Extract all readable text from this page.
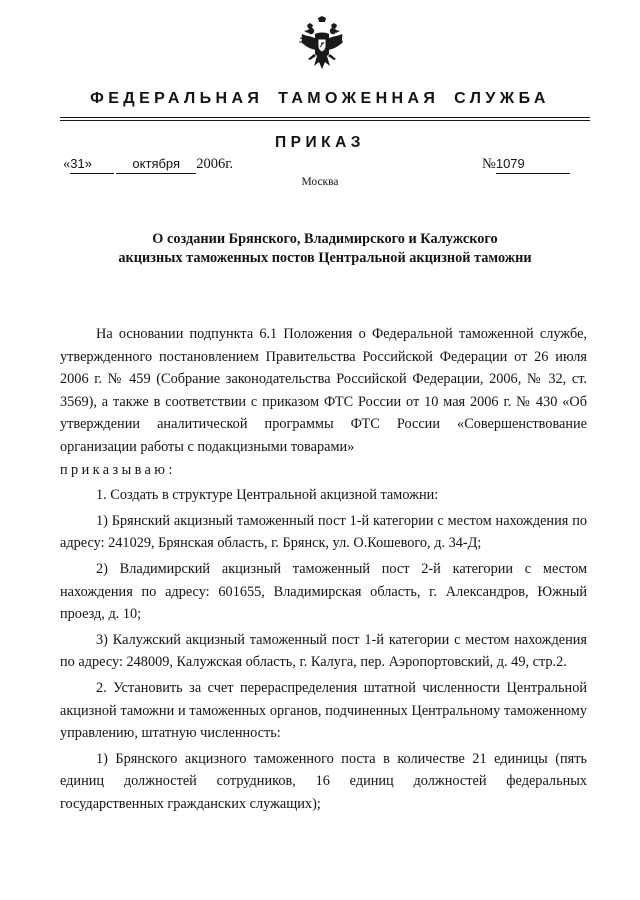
ФЕДЕРАЛЬНАЯ ТАМОЖЕННАЯ СЛУЖБА
ПРИКАЗ
«31»	октября 2006г.	№1079
Москва
О создании Брянского, Владимирского и Калужского
акцизных таможенных постов Центральной акцизной таможни

На основании подпункта 6.1 Положения о Федеральной таможенной службе, утвержденного постановлением Правительства Российской Федерации от 26 июля 2006 г. № 459 (Собрание законодательства Российской Федерации, 2006, № 32, ст. 3569), а также в соответствии с приказом ФТС России от 10 мая 2006 г. № 430 «Об утверждении аналитической программы ФТС России «Совершенствование организации работы с подакцизными товарами»

приказываю:

1. Создать в структуре Центральной акцизной таможни:

1) Брянский акцизный таможенный пост 1-й категории с местом нахождения по адресу: 241029, Брянская область, г. Брянск, ул. О.Кошевого, д. 34-Д;

2) Владимирский акцизный таможенный пост 2-й категории с местом нахождения по адресу: 601655, Владимирская область, г. Александров, Южный проезд, д. 10;

3) Калужский акцизный таможенный пост 1-й категории с местом нахождения по адресу: 248009, Калужская область, г. Калуга, пер. Аэропортовский, д. 49, стр.2.

2. Установить за счет перераспределения штатной численности Центральной акцизной таможни и таможенных органов, подчиненных Центральному таможенному управлению, штатную численность:

1) Брянского акцизного таможенного поста в количестве 21 единицы (пять единиц должностей сотрудников, 16 единиц должностей федеральных государственных гражданских служащих);
